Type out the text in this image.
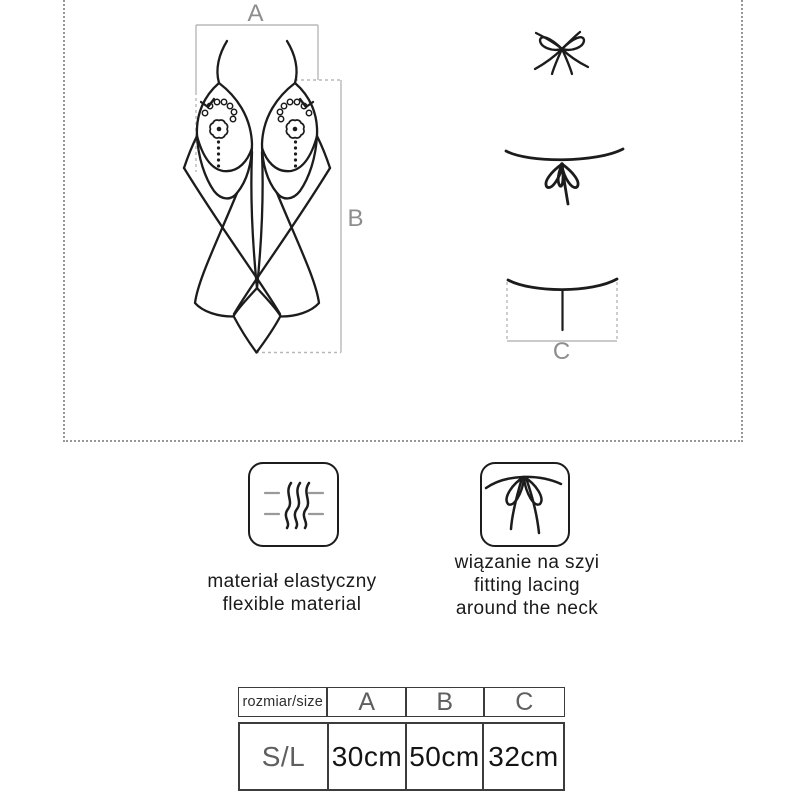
A
B
C
materiał elastyczny
flexible material
wiązanie na szyi
fitting lacing
around the neck
rozmiar/size	A	B	C
S/L 30cm 50cm 32cm
